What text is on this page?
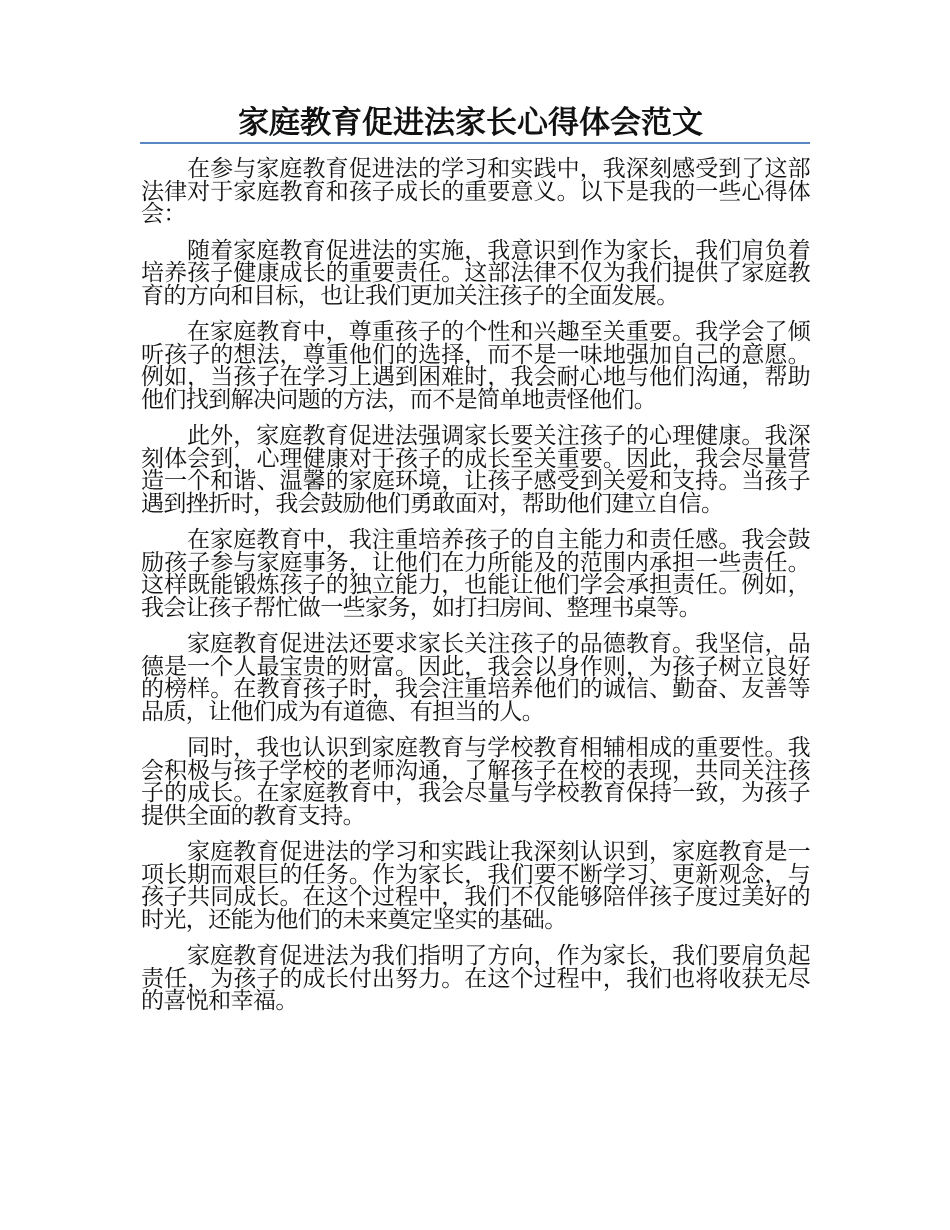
家庭教育促进法家长心得体会范文

在参与家庭教育促进法的学习和实践中，我深刻感受到了这部法律对于家庭教育和孩子成长的重要意义。以下是我的一些心得体会：

随着家庭教育促进法的实施，我意识到作为家长，我们肩负着培养孩子健康成长的重要责任。这部法律不仅为我们提供了家庭教育的方向和目标，也让我们更加关注孩子的全面发展。

在家庭教育中，尊重孩子的个性和兴趣至关重要。我学会了倾听孩子的想法，尊重他们的选择，而不是一味地强加自己的意愿。例如，当孩子在学习上遇到困难时，我会耐心地与他们沟通，帮助他们找到解决问题的方法，而不是简单地责怪他们。

此外，家庭教育促进法强调家长要关注孩子的心理健康。我深刻体会到，心理健康对于孩子的成长至关重要。因此，我会尽量营造一个和谐、温馨的家庭环境，让孩子感受到关爱和支持。当孩子遇到挫折时，我会鼓励他们勇敢面对，帮助他们建立自信。

在家庭教育中，我注重培养孩子的自主能力和责任感。我会鼓励孩子参与家庭事务，让他们在力所能及的范围内承担一些责任。这样既能锻炼孩子的独立能力，也能让他们学会承担责任。例如，我会让孩子帮忙做一些家务，如打扫房间、整理书桌等。

家庭教育促进法还要求家长关注孩子的品德教育。我坚信，品德是一个人最宝贵的财富。因此，我会以身作则，为孩子树立良好的榜样。在教育孩子时，我会注重培养他们的诚信、勤奋、友善等品质，让他们成为有道德、有担当的人。

同时，我也认识到家庭教育与学校教育相辅相成的重要性。我会积极与孩子学校的老师沟通，了解孩子在校的表现，共同关注孩子的成长。在家庭教育中，我会尽量与学校教育保持一致，为孩子提供全面的教育支持。

家庭教育促进法的学习和实践让我深刻认识到，家庭教育是一项长期而艰巨的任务。作为家长，我们要不断学习、更新观念，与孩子共同成长。在这个过程中，我们不仅能够陪伴孩子度过美好的时光，还能为他们的未来奠定坚实的基础。

家庭教育促进法为我们指明了方向，作为家长，我们要肩负起责任，为孩子的成长付出努力。在这个过程中，我们也将收获无尽的喜悦和幸福。
